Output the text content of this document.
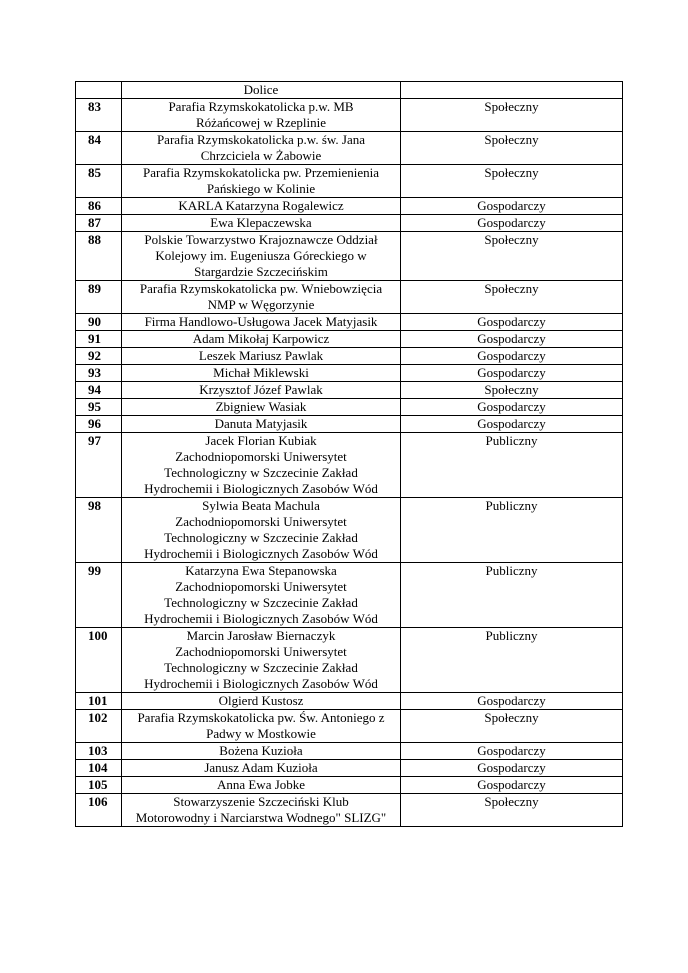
	Dolice	

83	Parafia Rzymskokatolicka p.w. MB
Różańcowej w Rzeplinie	Społeczny
84	Parafia Rzymskokatolicka p.w. św. Jana
Chrzciciela w Żabowie	Społeczny
85	Parafia Rzymskokatolicka pw. Przemienienia
Pańskiego w Kolinie	Społeczny
86	KARLA Katarzyna Rogalewicz	Gospodarczy
87	Ewa Klepaczewska	Gospodarczy
88	Polskie Towarzystwo Krajoznawcze Oddział
Kolejowy im. Eugeniusza Góreckiego w
Stargardzie Szczecińskim	Społeczny
89	Parafia Rzymskokatolicka pw. Wniebowzięcia
NMP w Węgorzynie	Społeczny
90	Firma Handlowo-Usługowa Jacek Matyjasik	Gospodarczy
91	Adam Mikołaj Karpowicz	Gospodarczy
92	Leszek Mariusz Pawlak	Gospodarczy
93	Michał Miklewski	Gospodarczy
94	Krzysztof Józef Pawlak	Społeczny
95	Zbigniew Wasiak	Gospodarczy
96	Danuta Matyjasik	Gospodarczy
97	Jacek Florian Kubiak
Zachodniopomorski Uniwersytet
Technologiczny w Szczecinie Zakład
Hydrochemii i Biologicznych Zasobów Wód	Publiczny
98	Sylwia Beata Machula
Zachodniopomorski Uniwersytet
Technologiczny w Szczecinie Zakład
Hydrochemii i Biologicznych Zasobów Wód	Publiczny
99	Katarzyna Ewa Stepanowska
Zachodniopomorski Uniwersytet
Technologiczny w Szczecinie Zakład
Hydrochemii i Biologicznych Zasobów Wód	Publiczny
100	Marcin Jarosław Biernaczyk
Zachodniopomorski Uniwersytet
Technologiczny w Szczecinie Zakład
Hydrochemii i Biologicznych Zasobów Wód	Publiczny
101	Olgierd Kustosz	Gospodarczy
102	Parafia Rzymskokatolicka pw. Św. Antoniego z
Padwy w Mostkowie	Społeczny
103	Bożena Kuzioła	Gospodarczy
104	Janusz Adam Kuzioła	Gospodarczy
105	Anna Ewa Jobke	Gospodarczy
106	Stowarzyszenie Szczeciński Klub
Motorowodny i Narciarstwa Wodnego" SLIZG"	Społeczny
